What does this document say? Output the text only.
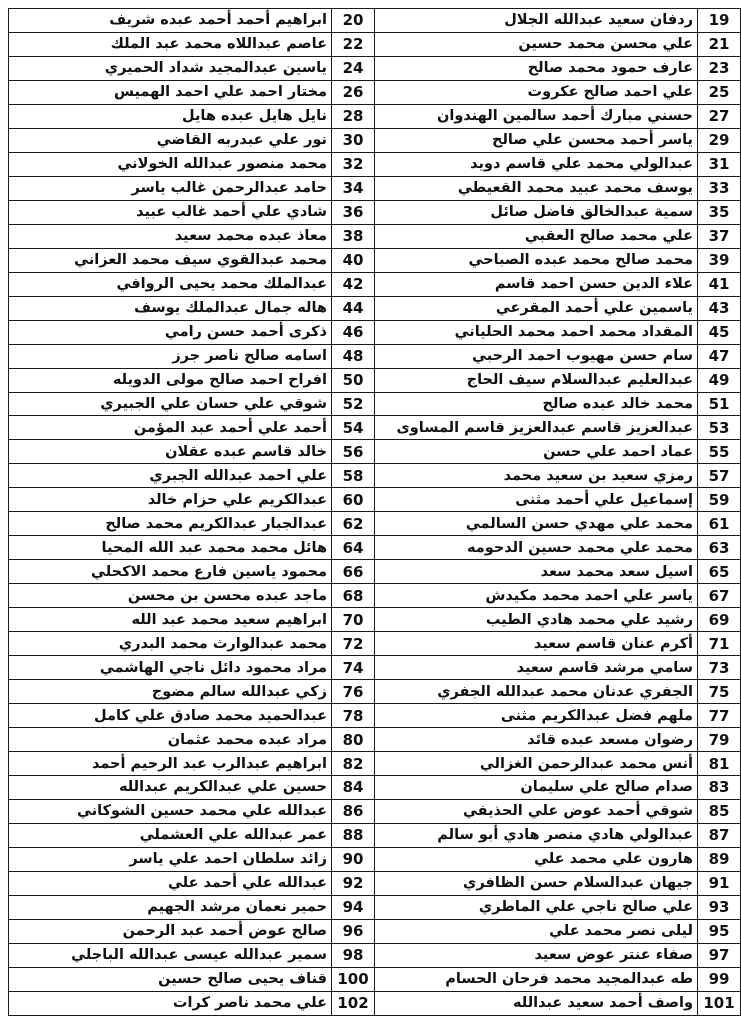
19	ردفان سعيد عبدالله الجلال	20	ابراهيم أحمد أحمد عبده شريف
21	علي محسن محمد حسين	22	عاصم عبداللاه محمد عبد الملك
23	عارف حمود محمد صالح	24	ياسين عبدالمجيد شداد الحميري
25	علي احمد صالح عكروت	26	مختار احمد علي احمد الهميس
27	حسني مبارك أحمد سالمين الهندوان	28	نايل هايل عبده هايل
29	ياسر أحمد محسن علي صالح	30	نور علي عبدربه القاضي
31	عبدالولي محمد علي قاسم دويد	32	محمد منصور عبدالله الخولاني
33	يوسف محمد عبيد محمد القعيطي	34	حامد عبدالرحمن غالب ياسر
35	سمية عبدالخالق فاضل صائل	36	شادي علي أحمد غالب عبيد
37	علي محمد صالح العقبي	38	معاذ عبده محمد سعيد
39	محمد صالح محمد عبده الصباحي	40	محمد عبدالقوي سيف محمد العزاني
41	علاء الدين حسن احمد قاسم	42	عبدالملك محمد يحيى الروافي
43	ياسمين علي أحمد المقرعي	44	هاله جمال عبدالملك يوسف
45	المقداد محمد احمد محمد الحلياني	46	ذكرى أحمد حسن رامي
47	سام حسن مهيوب احمد الرحبي	48	اسامه صالح ناصر جرز
49	عبدالعليم عبدالسلام سيف الحاج	50	افراح احمد صالح مولى الدويله
51	محمد خالد عبده صالح	52	شوقي علي حسان علي الجبيري
53	عبدالعزيز قاسم عبدالعزيز قاسم المساوى	54	أحمد علي أحمد عبد المؤمن
55	عماد احمد علي حسن	56	خالد قاسم عبده عقلان
57	رمزي سعيد بن سعيد محمد	58	علي احمد عبدالله الجبري
59	إسماعيل علي أحمد مثنى	60	عبدالكريم علي حزام خالد
61	محمد علي مهدي حسن السالمي	62	عبدالجبار عبدالكريم محمد صالح
63	محمد علي محمد حسين الدحومه	64	هائل محمد محمد عبد الله المحيا
65	اسيل سعد محمد سعد	66	محمود ياسين فارع محمد الاكحلي
67	ياسر علي احمد محمد مكيدش	68	ماجد عبده محسن بن محسن
69	رشيد علي محمد هادي الطيب	70	ابراهيم سعيد محمد عبد الله
71	أكرم عنان قاسم سعيد	72	محمد عبدالوارث محمد البدري
73	سامي مرشد قاسم سعيد	74	مراد محمود دائل ناجي الهاشمي
75	الجفري عدنان محمد عبدالله الجفري	76	زكي عبدالله سالم مضوج
77	ملهم فضل عبدالكريم مثنى	78	عبدالحميد محمد صادق علي كامل
79	رضوان مسعد عبده قائد	80	مراد عبده محمد عثمان
81	أنس محمد عبدالرحمن الغزالي	82	ابراهيم عبدالرب عبد الرحيم أحمد
83	صدام صالح علي سليمان	84	حسين علي عبدالكريم عبدالله
85	شوقي أحمد عوض علي الحذيفي	86	عبدالله علي محمد حسين الشوكاني
87	عبدالولي هادي منصر هادي أبو سالم	88	عمر عبدالله علي العشملي
89	هارون علي محمد علي	90	زائد سلطان احمد علي ياسر
91	جيهان عبدالسلام حسن الظافري	92	عبدالله علي أحمد علي
93	علي صالح ناجي علي الماطري	94	حمير نعمان مرشد الجهيم
95	ليلى نصر محمد علي	96	صالح عوض أحمد عبد الرحمن
97	صفاء عنتر عوض سعيد	98	سمير عبدالله عيسى عبدالله الباجلي
99	طه عبدالمجيد محمد فرحان الحسام	100	قناف يحيى صالح حسين
101	واصف أحمد سعيد عبدالله	102	علي محمد ناصر كرات
